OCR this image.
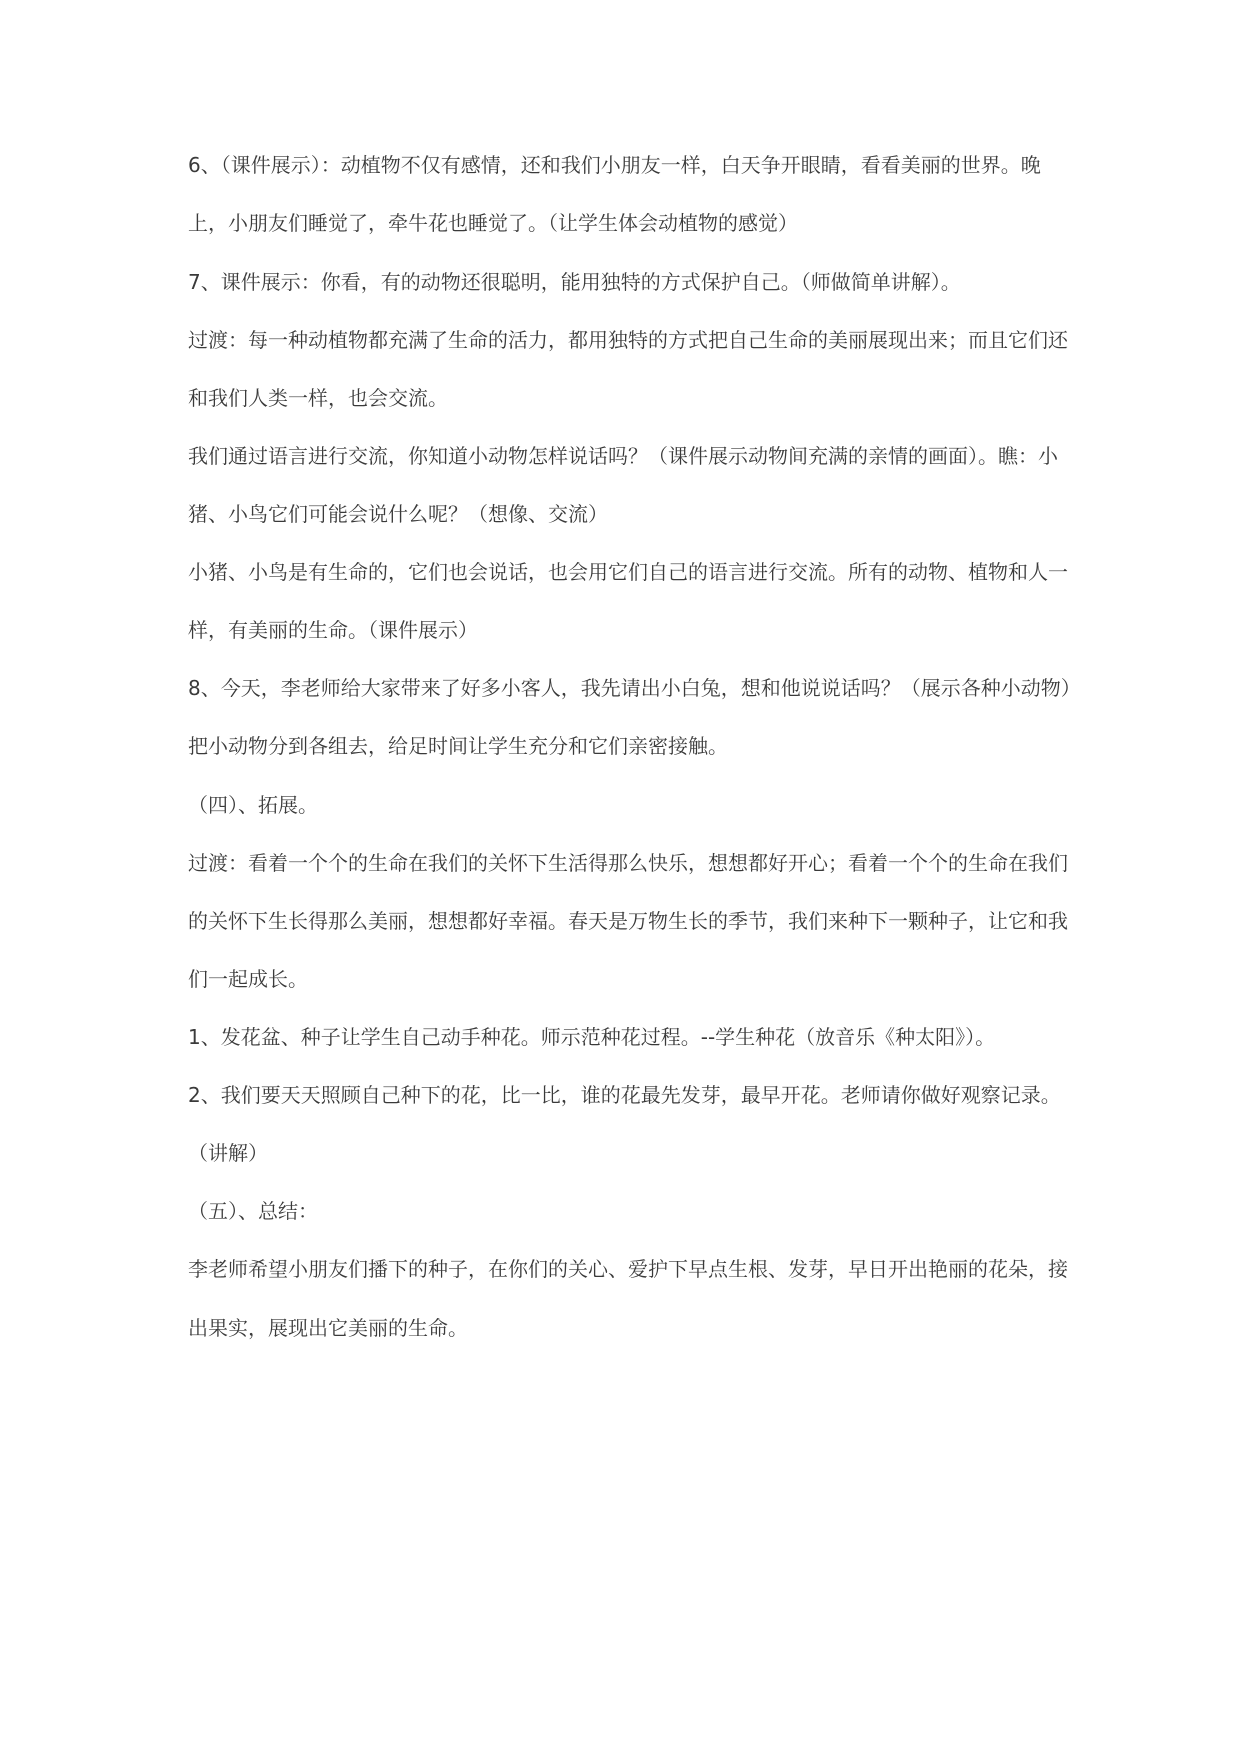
6、（课件展示）：动植物不仅有感情，还和我们小朋友一样，白天争开眼睛，看看美丽的世界。晚
上，小朋友们睡觉了，牵牛花也睡觉了。（让学生体会动植物的感觉）
7、课件展示：你看，有的动物还很聪明，能用独特的方式保护自己。（师做简单讲解）。
过渡：每一种动植物都充满了生命的活力，都用独特的方式把自己生命的美丽展现出来；而且它们还
和我们人类一样，也会交流。
我们通过语言进行交流，你知道小动物怎样说话吗？（课件展示动物间充满的亲情的画面）。瞧：小
猪、小鸟它们可能会说什么呢？（想像、交流）
小猪、小鸟是有生命的，它们也会说话，也会用它们自己的语言进行交流。所有的动物、植物和人一
样，有美丽的生命。（课件展示）
8、今天，李老师给大家带来了好多小客人，我先请出小白兔，想和他说说话吗？（展示各种小动物）
把小动物分到各组去，给足时间让学生充分和它们亲密接触。
（四）、拓展。
过渡：看着一个个的生命在我们的关怀下生活得那么快乐，想想都好开心；看着一个个的生命在我们
的关怀下生长得那么美丽，想想都好幸福。春天是万物生长的季节，我们来种下一颗种子，让它和我
们一起成长。
1、发花盆、种子让学生自己动手种花。师示范种花过程。--学生种花（放音乐《种太阳》）。
2、我们要天天照顾自己种下的花，比一比，谁的花最先发芽，最早开花。老师请你做好观察记录。
（讲解）
（五）、总结：
李老师希望小朋友们播下的种子，在你们的关心、爱护下早点生根、发芽，早日开出艳丽的花朵，接
出果实，展现出它美丽的生命。
